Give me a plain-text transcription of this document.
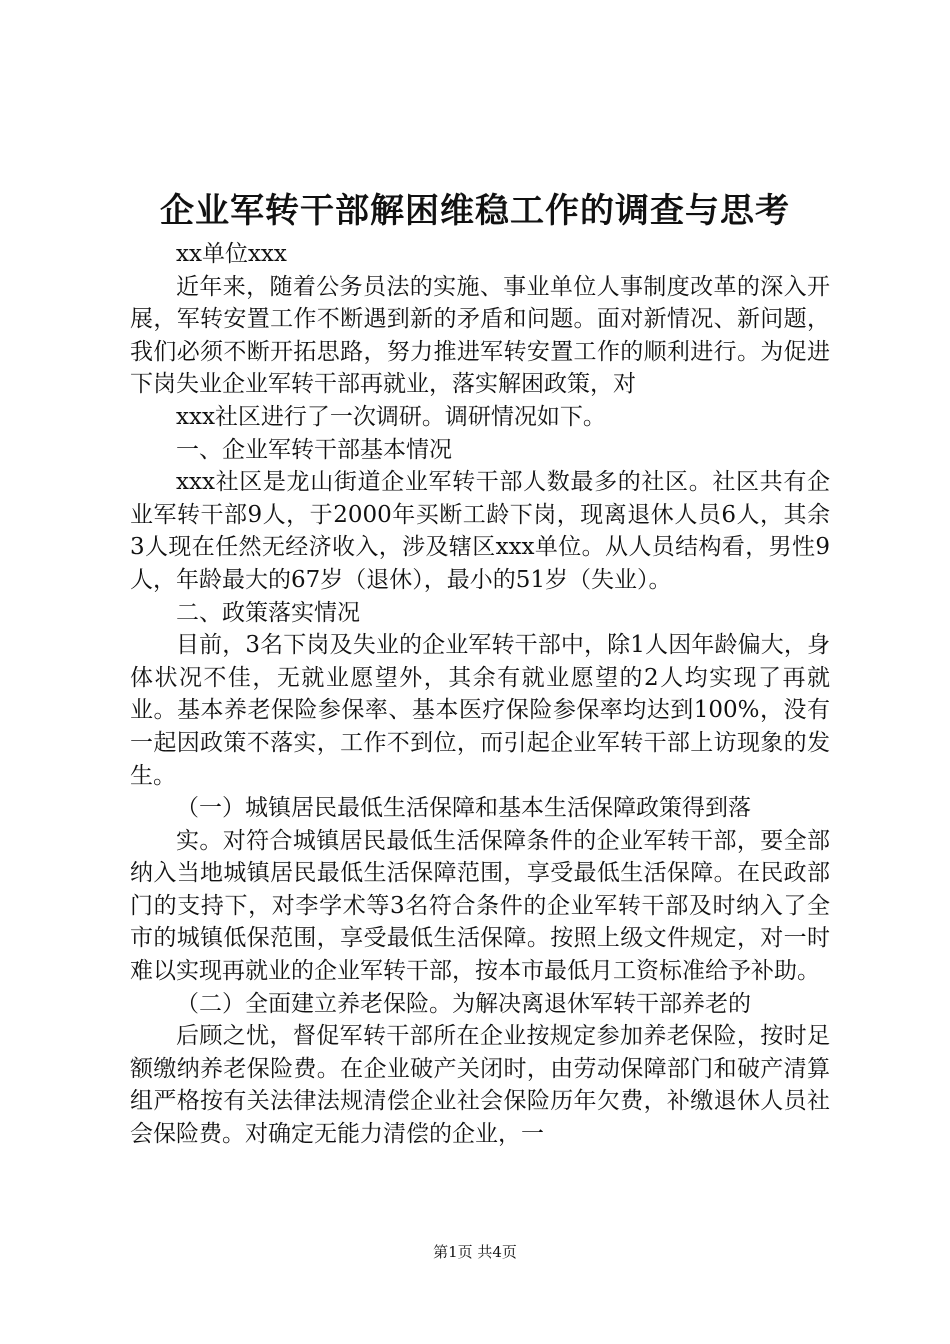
企业军转干部解困维稳工作的调查与思考

xx单位xxx

近年来，随着公务员法的实施、事业单位人事制度改革的深入开展，军转安置工作不断遇到新的矛盾和问题。面对新情况、新问题，我们必须不断开拓思路，努力推进军转安置工作的顺利进行。为促进下岗失业企业军转干部再就业，落实解困政策，对

xxx社区进行了一次调研。调研情况如下。

一、企业军转干部基本情况

xxx社区是龙山街道企业军转干部人数最多的社区。社区共有企业军转干部9人，于2000年买断工龄下岗，现离退休人员6人，其余3人现在任然无经济收入，涉及辖区xxx单位。从人员结构看，男性9人，年龄最大的67岁（退休），最小的51岁（失业）。

二、政策落实情况

目前，3名下岗及失业的企业军转干部中，除1人因年龄偏大，身体状况不佳，无就业愿望外，其余有就业愿望的2人均实现了再就业。基本养老保险参保率、基本医疗保险参保率均达到100%，没有一起因政策不落实，工作不到位，而引起企业军转干部上访现象的发生。

（一）城镇居民最低生活保障和基本生活保障政策得到落

实。对符合城镇居民最低生活保障条件的企业军转干部，要全部纳入当地城镇居民最低生活保障范围，享受最低生活保障。在民政部门的支持下，对李学术等3名符合条件的企业军转干部及时纳入了全市的城镇低保范围，享受最低生活保障。按照上级文件规定，对一时难以实现再就业的企业军转干部，按本市最低月工资标准给予补助。

（二）全面建立养老保险。为解决离退休军转干部养老的

后顾之忧，督促军转干部所在企业按规定参加养老保险，按时足额缴纳养老保险费。在企业破产关闭时，由劳动保障部门和破产清算组严格按有关法律法规清偿企业社会保险历年欠费，补缴退休人员社会保险费。对确定无能力清偿的企业，一

第1页 共4页
